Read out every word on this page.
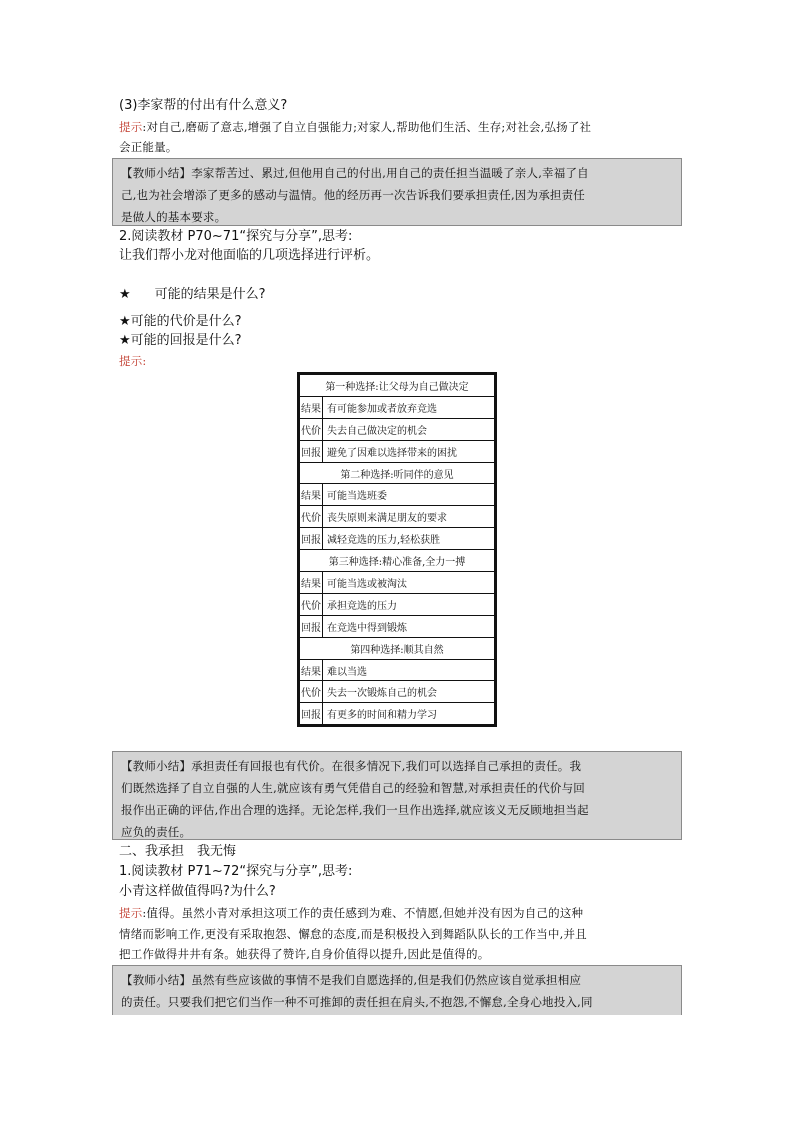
(3)李家帮的付出有什么意义?
提示:对自己,磨砺了意志,增强了自立自强能力;对家人,帮助他们生活、生存;对社会,弘扬了社
会正能量。
【教师小结】李家帮苦过、累过,但他用自己的付出,用自己的责任担当温暖了亲人,幸福了自
己,也为社会增添了更多的感动与温情。他的经历再一次告诉我们要承担责任,因为承担责任
是做人的基本要求。
2.阅读教材 P70~71“探究与分享”,思考:
让我们帮小龙对他面临的几项选择进行评析。
★ 可能的结果是什么?
★可能的代价是什么?
★可能的回报是什么?
提示:
第一种选择:让父母为自己做决定	
结果	有可能参加或者放弃竞选
代价	失去自己做决定的机会
回报	避免了因难以选择带来的困扰
第二种选择:听同伴的意见	
结果	可能当选班委
代价	丧失原则来满足朋友的要求
回报	减轻竞选的压力,轻松获胜
第三种选择:精心准备,全力一搏	
结果	可能当选或被淘汰
代价	承担竞选的压力
回报	在竞选中得到锻炼
第四种选择:顺其自然	
结果	难以当选
代价	失去一次锻炼自己的机会
回报	有更多的时间和精力学习
【教师小结】承担责任有回报也有代价。在很多情况下,我们可以选择自己承担的责任。我
们既然选择了自立自强的人生,就应该有勇气凭借自己的经验和智慧,对承担责任的代价与回
报作出正确的评估,作出合理的选择。无论怎样,我们一旦作出选择,就应该义无反顾地担当起
应负的责任。
二、我承担　我无悔
1.阅读教材 P71~72“探究与分享”,思考:
小青这样做值得吗?为什么?
提示:值得。虽然小青对承担这项工作的责任感到为难、不情愿,但她并没有因为自己的这种
情绪而影响工作,更没有采取抱怨、懈怠的态度,而是积极投入到舞蹈队队长的工作当中,并且
把工作做得井井有条。她获得了赞许,自身价值得以提升,因此是值得的。
【教师小结】虽然有些应该做的事情不是我们自愿选择的,但是我们仍然应该自觉承担相应
的责任。只要我们把它们当作一种不可推卸的责任担在肩头,不抱怨,不懈怠,全身心地投入,同
